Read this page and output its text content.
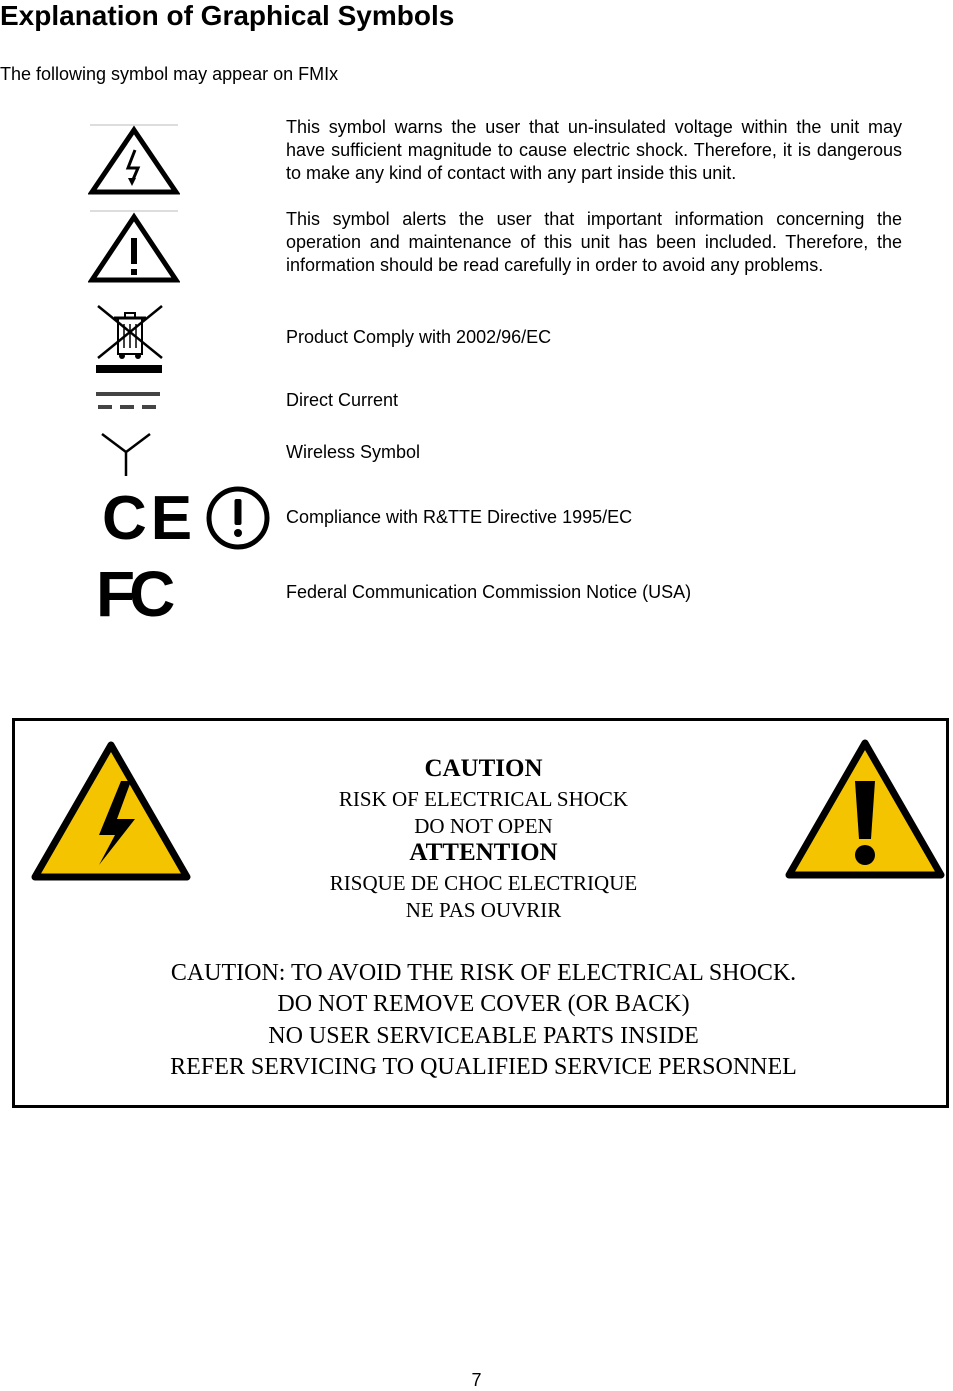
Explanation of Graphical Symbols
The following symbol may appear on FMIx
This symbol warns the user that un-insulated voltage within the unit may have sufficient magnitude to cause electric shock. Therefore, it is dangerous to make any kind of contact with any part inside this unit.
This symbol alerts the user that important information concerning the operation and maintenance of this unit has been included. Therefore, the information should be read carefully in order to avoid any problems.
Product Comply with 2002/96/EC
Direct Current
Wireless Symbol
CE	Compliance with R&TTE Directive 1995/EC
FC	Federal Communication Commission Notice (USA)
CAUTION
RISK OF ELECTRICAL SHOCK
DO NOT OPEN
ATTENTION
RISQUE DE CHOC ELECTRIQUE
NE PAS OUVRIR
CAUTION: TO AVOID THE RISK OF ELECTRICAL SHOCK.
DO NOT REMOVE COVER (OR BACK)
NO USER SERVICEABLE PARTS INSIDE
REFER SERVICING TO QUALIFIED SERVICE PERSONNEL
7
